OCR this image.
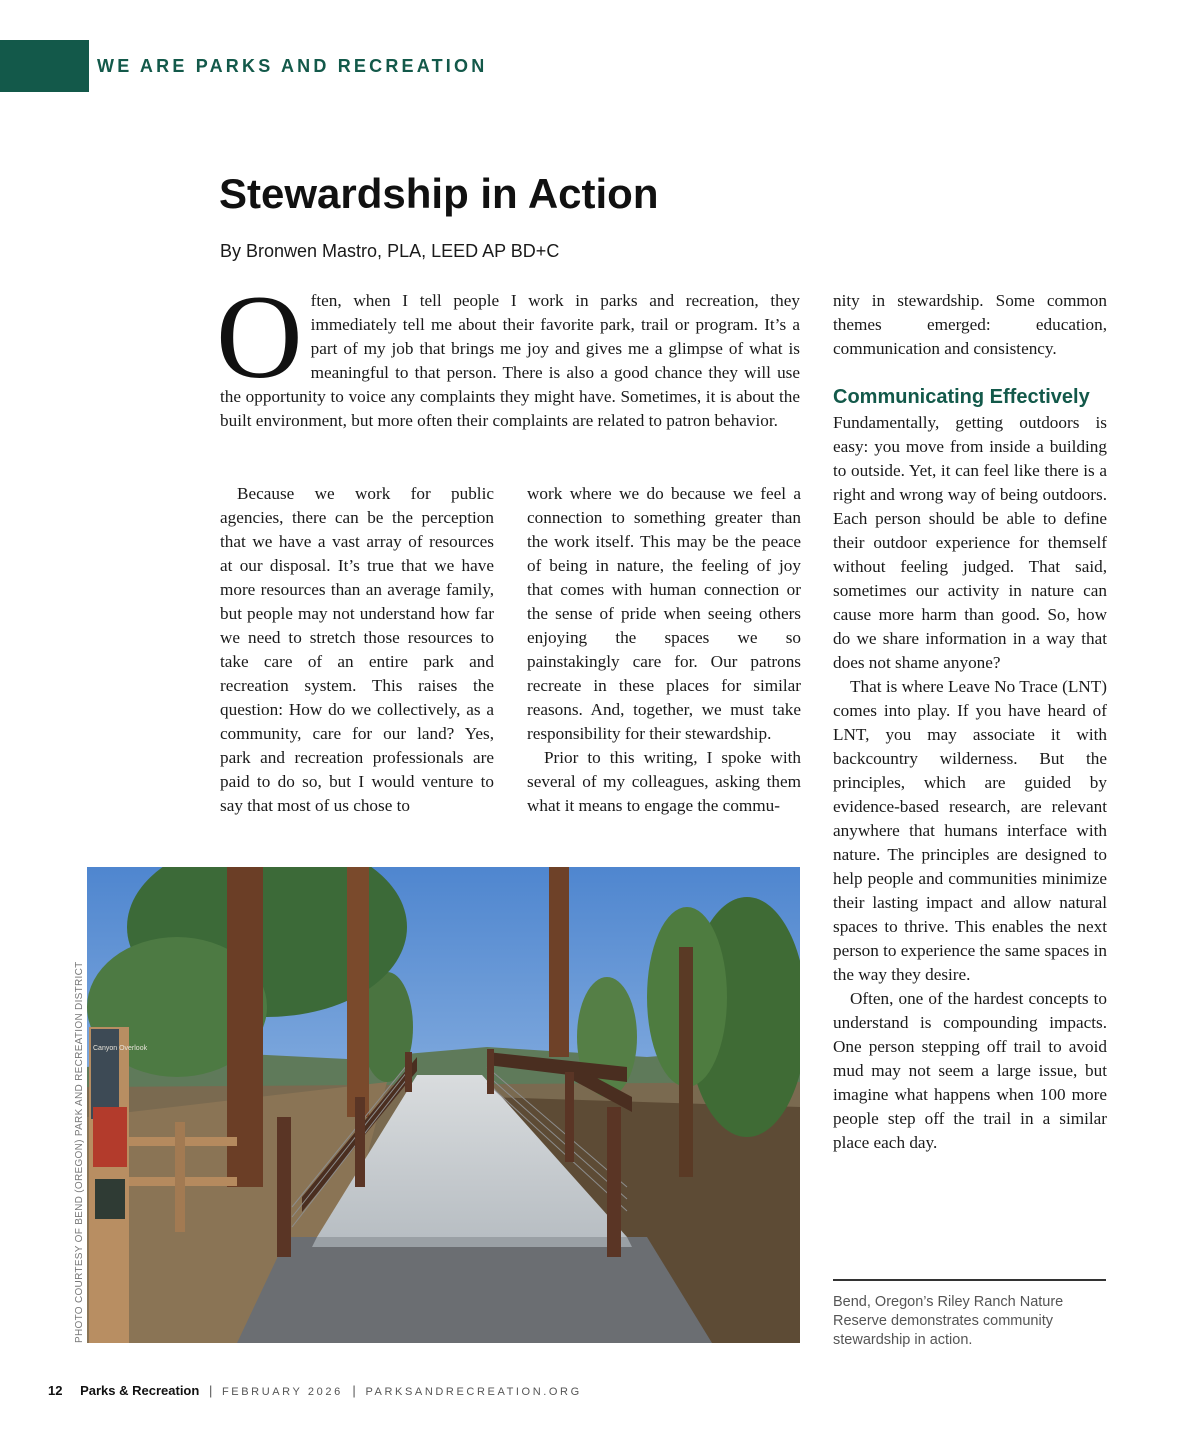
WE ARE PARKS AND RECREATION
Stewardship in Action
By Bronwen Mastro, PLA, LEED AP BD+C
O ften, when I tell people I work in parks and recreation, they immediately tell me about their favorite park, trail or program. It’s a part of my job that brings me joy and gives me a glimpse of what is meaningful to that person. There is also a good chance they will use the opportunity to voice any complaints they might have. Sometimes, it is about the built environment, but more often their complaints are related to patron behavior.

Because we work for public agencies, there can be the perception that we have a vast array of resources at our disposal. It’s true that we have more resources than an average family, but people may not understand how far we need to stretch those resources to take care of an entire park and recreation system. This raises the question: How do we collectively, as a community, care for our land? Yes, park and recreation professionals are paid to do so, but I would venture to say that most of us chose to

work where we do because we feel a connection to something greater than the work itself. This may be the peace of being in nature, the feeling of joy that comes with human connection or the sense of pride when seeing others enjoying the spaces we so painstakingly care for. Our patrons recreate in these places for similar reasons. And, together, we must take responsibility for their stewardship.

Prior to this writing, I spoke with several of my colleagues, asking them what it means to engage the commu-

nity in stewardship. Some common themes emerged: education, communication and consistency.

Communicating Effectively

Fundamentally, getting outdoors is easy: you move from inside a building to outside. Yet, it can feel like there is a right and wrong way of being outdoors. Each person should be able to define their outdoor experience for themself without feeling judged. That said, sometimes our activity in nature can cause more harm than good. So, how do we share information in a way that does not shame anyone?

That is where Leave No Trace (LNT) comes into play. If you have heard of LNT, you may associate it with backcountry wilderness. But the principles, which are guided by evidence-based research, are relevant anywhere that humans interface with nature. The principles are designed to help people and communities minimize their lasting impact and allow natural spaces to thrive. This enables the next person to experience the same spaces in the way they desire.

Often, one of the hardest concepts to understand is compounding impacts. One person stepping off trail to avoid mud may not seem a large issue, but imagine what happens when 100 more people step off the trail in a similar place each day.

Canyon Overlook
PHOTO COURTESY OF BEND (OREGON) PARK AND RECREATION DISTRICT	Bend, Oregon’s Riley Ranch Nature Reserve demonstrates community stewardship in action.
12 Parks & Recreation | FEBRUARY 2026 | PARKSANDRECREATION.ORG
